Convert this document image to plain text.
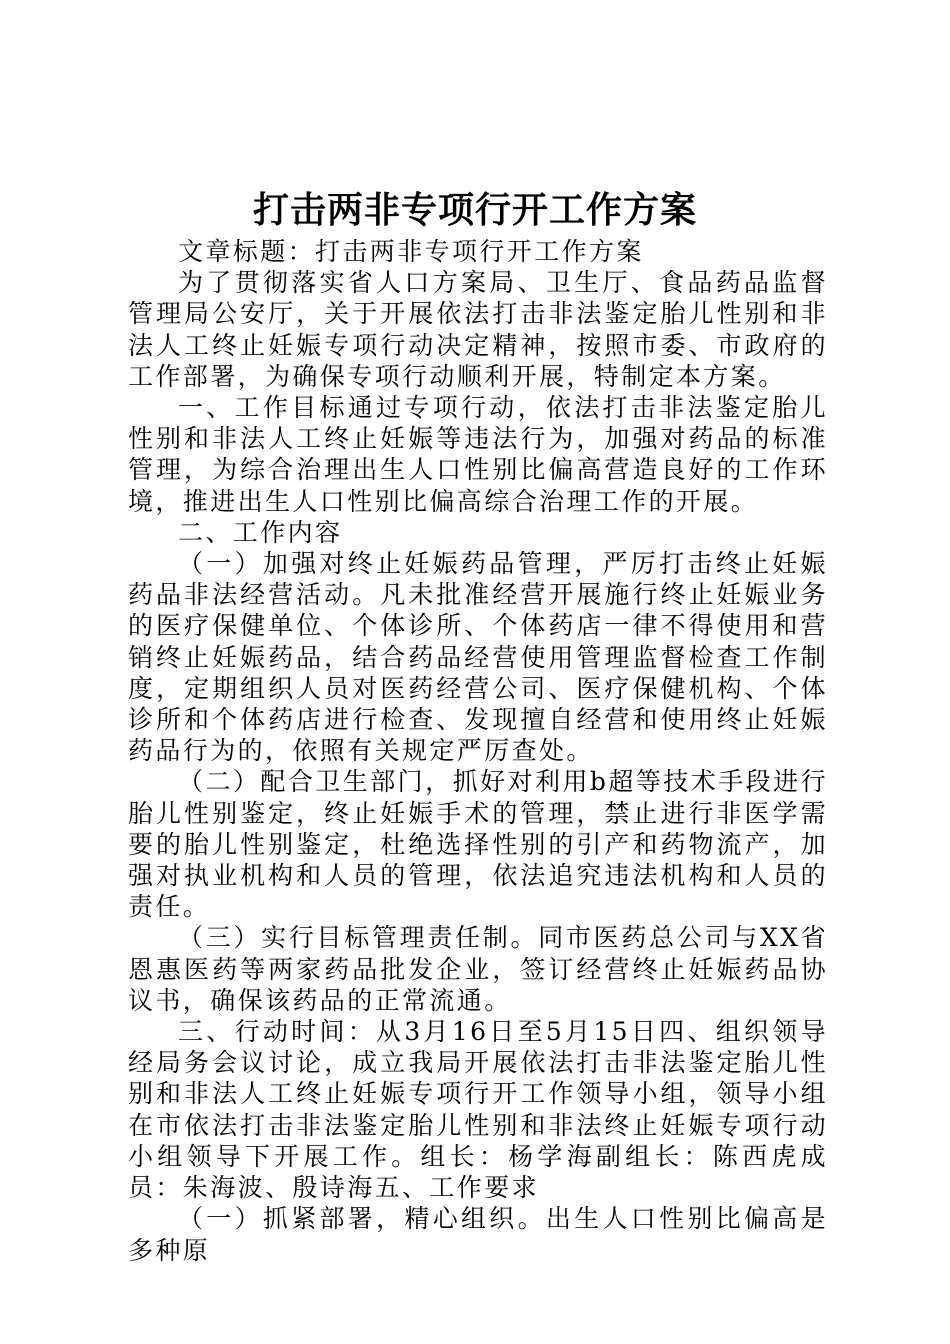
打击两非专项行开工作方案

文章标题：打击两非专项行开工作方案

为了贯彻落实省人口方案局、卫生厅、食品药品监督管理局公安厅，关于开展依法打击非法鉴定胎儿性别和非法人工终止妊娠专项行动决定精神，按照市委、市政府的工作部署，为确保专项行动顺利开展，特制定本方案。

一、工作目标通过专项行动，依法打击非法鉴定胎儿性别和非法人工终止妊娠等违法行为，加强对药品的标准管理，为综合治理出生人口性别比偏高营造良好的工作环境，推进出生人口性别比偏高综合治理工作的开展。

二、工作内容

（一）加强对终止妊娠药品管理，严厉打击终止妊娠药品非法经营活动。凡未批准经营开展施行终止妊娠业务的医疗保健单位、个体诊所、个体药店一律不得使用和营销终止妊娠药品，结合药品经营使用管理监督检查工作制度，定期组织人员对医药经营公司、医疗保健机构、个体诊所和个体药店进行检查、发现擅自经营和使用终止妊娠药品行为的，依照有关规定严厉查处。

（二）配合卫生部门，抓好对利用b超等技术手段进行胎儿性别鉴定，终止妊娠手术的管理，禁止进行非医学需要的胎儿性别鉴定，杜绝选择性别的引产和药物流产，加强对执业机构和人员的管理，依法追究违法机构和人员的责任。

（三）实行目标管理责任制。同市医药总公司与XX省恩惠医药等两家药品批发企业，签订经营终止妊娠药品协议书，确保该药品的正常流通。

三、行动时间：从3月16日至5月15日四、组织领导经局务会议讨论，成立我局开展依法打击非法鉴定胎儿性别和非法人工终止妊娠专项行开工作领导小组，领导小组在市依法打击非法鉴定胎儿性别和非法终止妊娠专项行动小组领导下开展工作。组长：杨学海副组长：陈西虎成员：朱海波、殷诗海五、工作要求

（一）抓紧部署，精心组织。出生人口性别比偏高是多种原
